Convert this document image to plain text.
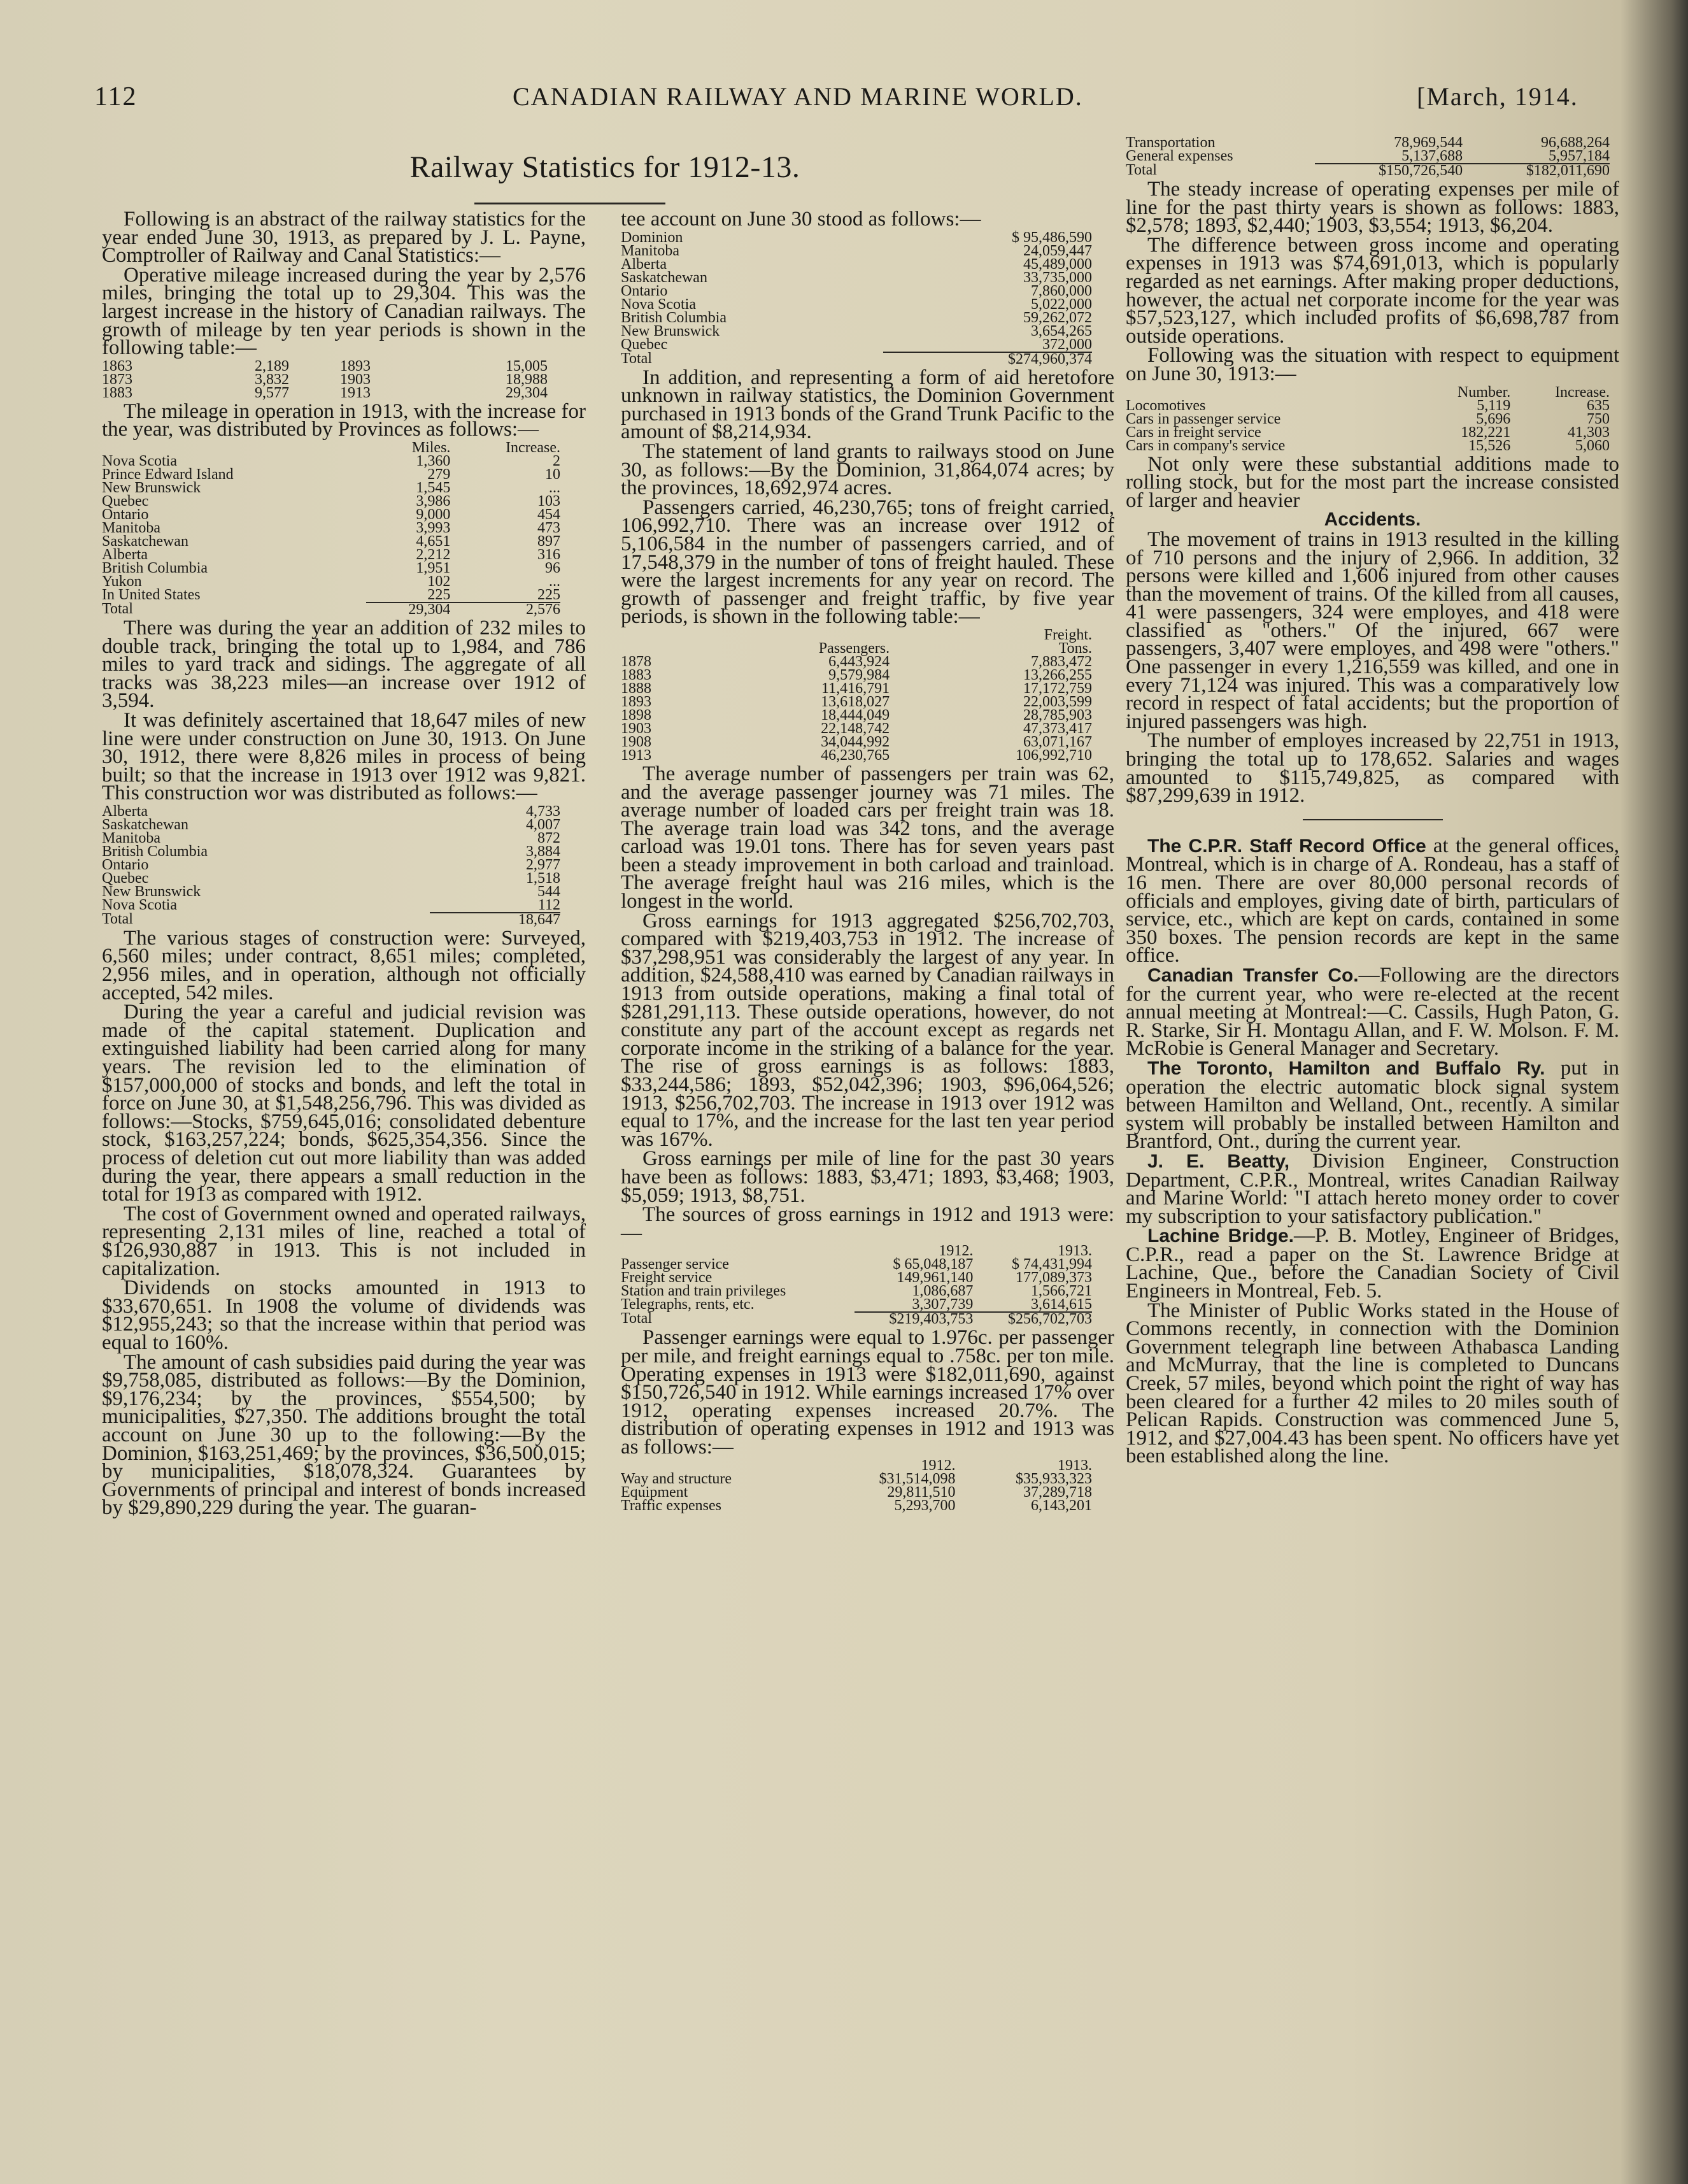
112	CANADIAN RAILWAY AND MARINE WORLD.	[March, 1914.
Railway Statistics for 1912-13.

Following is an abstract of the railway statistics for the year ended June 30, 1913, as prepared by J. L. Payne, Comptroller of Railway and Canal Statistics:—

Operative mileage increased during the year by 2,576 miles, bringing the total up to 29,304. This was the largest increase in the history of Canadian railways. The growth of mileage by ten year periods is shown in the following table:—

1863	2,189	1893	15,005
1873	3,832	1903	18,988
1883	9,577	1913	29,304

The mileage in operation in 1913, with the increase for the year, was distributed by Provinces as follows:—

	Miles.	Increase.
Nova Scotia	1,360	2
Prince Edward Island	279	10
New Brunswick	1,545	...
Quebec	3,986	103
Ontario	9,000	454
Manitoba	3,993	473
Saskatchewan	4,651	897
Alberta	2,212	316
British Columbia	1,951	96
Yukon	102	...
In United States	225	225
Total	29,304	2,576

There was during the year an addition of 232 miles to double track, bringing the total up to 1,984, and 786 miles to yard track and sidings. The aggregate of all tracks was 38,223 miles—an increase over 1912 of 3,594.

It was definitely ascertained that 18,647 miles of new line were under construction on June 30, 1913. On June 30, 1912, there were 8,826 miles in process of being built; so that the increase in 1913 over 1912 was 9,821. This construction wor was distributed as follows:—

Alberta	4,733
Saskatchewan	4,007
Manitoba	872
British Columbia	3,884
Ontario	2,977
Quebec	1,518
New Brunswick	544
Nova Scotia	112
Total	18,647

The various stages of construction were: Surveyed, 6,560 miles; under contract, 8,651 miles; completed, 2,956 miles, and in operation, although not officially accepted, 542 miles.

During the year a careful and judicial revision was made of the capital statement. Duplication and extinguished liability had been carried along for many years. The revision led to the elimination of $157,000,000 of stocks and bonds, and left the total in force on June 30, at $1,548,256,796. This was divided as follows:—Stocks, $759,645,016; consolidated debenture stock, $163,257,224; bonds, $625,354,356. Since the process of deletion cut out more liability than was added during the year, there appears a small reduction in the total for 1913 as compared with 1912.

The cost of Government owned and operated railways, representing 2,131 miles of line, reached a total of $126,930,887 in 1913. This is not included in capitalization.

Dividends on stocks amounted in 1913 to $33,670,651. In 1908 the volume of dividends was $12,955,243; so that the increase within that period was equal to 160%.

The amount of cash subsidies paid during the year was $9,758,085, distributed as follows:—By the Dominion, $9,176,234; by the provinces, $554,500; by municipalities, $27,350. The additions brought the total account on June 30 up to the following:—By the Dominion, $163,251,469; by the provinces, $36,500,015; by municipalities, $18,078,324. Guarantees by Governments of principal and interest of bonds increased by $29,890,229 during the year. The guaran-

tee account on June 30 stood as follows:—

Dominion	$ 95,486,590
Manitoba	24,059,447
Alberta	45,489,000
Saskatchewan	33,735,000
Ontario	7,860,000
Nova Scotia	5,022,000
British Columbia	59,262,072
New Brunswick	3,654,265
Quebec	372,000
Total	$274,960,374

In addition, and representing a form of aid heretofore unknown in railway statistics, the Dominion Government purchased in 1913 bonds of the Grand Trunk Pacific to the amount of $8,214,934.

The statement of land grants to railways stood on June 30, as follows:—By the Dominion, 31,864,074 acres; by the provinces, 18,692,974 acres.

Passengers carried, 46,230,765; tons of freight carried, 106,992,710. There was an increase over 1912 of 5,106,584 in the number of passengers carried, and of 17,548,379 in the number of tons of freight hauled. These were the largest increments for any year on record. The growth of passenger and freight traffic, by five year periods, is shown in the following table:—

		Freight.
	Passengers.	Tons.
1878	6,443,924	7,883,472
1883	9,579,984	13,266,255
1888	11,416,791	17,172,759
1893	13,618,027	22,003,599
1898	18,444,049	28,785,903
1903	22,148,742	47,373,417
1908	34,044,992	63,071,167
1913	46,230,765	106,992,710

The average number of passengers per train was 62, and the average passenger journey was 71 miles. The average number of loaded cars per freight train was 18. The average train load was 342 tons, and the average carload was 19.01 tons. There has for seven years past been a steady improvement in both carload and trainload. The average freight haul was 216 miles, which is the longest in the world.

Gross earnings for 1913 aggregated $256,702,703, compared with $219,403,753 in 1912. The increase of $37,298,951 was considerably the largest of any year. In addition, $24,588,410 was earned by Canadian railways in 1913 from outside operations, making a final total of $281,291,113. These outside operations, however, do not constitute any part of the account except as regards net corporate income in the striking of a balance for the year. The rise of gross earnings is as follows: 1883, $33,244,586; 1893, $52,042,396; 1903, $96,064,526; 1913, $256,702,703. The increase in 1913 over 1912 was equal to 17%, and the increase for the last ten year period was 167%.

Gross earnings per mile of line for the past 30 years have been as follows: 1883, $3,471; 1893, $3,468; 1903, $5,059; 1913, $8,751.

The sources of gross earnings in 1912 and 1913 were:—

	1912.	1913.
Passenger service	$ 65,048,187	$ 74,431,994
Freight service	149,961,140	177,089,373
Station and train privileges	1,086,687	1,566,721
Telegraphs, rents, etc.	3,307,739	3,614,615
Total	$219,403,753	$256,702,703

Passenger earnings were equal to 1.976c. per passenger per mile, and freight earnings equal to .758c. per ton mile. Operating expenses in 1913 were $182,011,690, against $150,726,540 in 1912. While earnings increased 17% over 1912, operating expenses increased 20.7%. The distribution of operating expenses in 1912 and 1913 was as follows:—

	1912.	1913.
Way and structure	$31,514,098	$35,933,323
Equipment	29,811,510	37,289,718
Traffic expenses	5,293,700	6,143,201
Transportation	78,969,544	96,688,264
General expenses	5,137,688	5,957,184
Total	$150,726,540	$182,011,690

The steady increase of operating expenses per mile of line for the past thirty years is shown as follows: 1883, $2,578; 1893, $2,440; 1903, $3,554; 1913, $6,204.

The difference between gross income and operating expenses in 1913 was $74,691,013, which is popularly regarded as net earnings. After making proper deductions, however, the actual net corporate income for the year was $57,523,127, which included profits of $6,698,787 from outside operations.

Following was the situation with respect to equipment on June 30, 1913:—

	Number.	Increase.
Locomotives	5,119	635
Cars in passenger service	5,696	750
Cars in freight service	182,221	41,303
Cars in company's service	15,526	5,060

Not only were these substantial additions made to rolling stock, but for the most part the increase consisted of larger and heavier

Accidents.

The movement of trains in 1913 resulted in the killing of 710 persons and the injury of 2,966. In addition, 32 persons were killed and 1,606 injured from other causes than the movement of trains. Of the killed from all causes, 41 were passengers, 324 were employes, and 418 were classified as "others." Of the injured, 667 were passengers, 3,407 were employes, and 498 were "others." One passenger in every 1,216,559 was killed, and one in every 71,124 was injured. This was a comparatively low record in respect of fatal accidents; but the proportion of injured passengers was high.

The number of employes increased by 22,751 in 1913, bringing the total up to 178,652. Salaries and wages amounted to $115,749,825, as compared with $87,299,639 in 1912.

The C.P.R. Staff Record Office at the general offices, Montreal, which is in charge of A. Rondeau, has a staff of 16 men. There are over 80,000 personal records of officials and employes, giving date of birth, particulars of service, etc., which are kept on cards, contained in some 350 boxes. The pension records are kept in the same office.

Canadian Transfer Co.—Following are the directors for the current year, who were re-elected at the recent annual meeting at Montreal:—C. Cassils, Hugh Paton, G. R. Starke, Sir H. Montagu Allan, and F. W. Molson. F. M. McRobie is General Manager and Secretary.

The Toronto, Hamilton and Buffalo Ry. put in operation the electric automatic block signal system between Hamilton and Welland, Ont., recently. A similar system will probably be installed between Hamilton and Brantford, Ont., during the current year.

J. E. Beatty, Division Engineer, Construction Department, C.P.R., Montreal, writes Canadian Railway and Marine World: "I attach hereto money order to cover my subscription to your satisfactory publication."

Lachine Bridge.—P. B. Motley, Engineer of Bridges, C.P.R., read a paper on the St. Lawrence Bridge at Lachine, Que., before the Canadian Society of Civil Engineers in Montreal, Feb. 5.

The Minister of Public Works stated in the House of Commons recently, in connection with the Dominion Government telegraph line between Athabasca Landing and McMurray, that the line is completed to Duncans Creek, 57 miles, beyond which point the right of way has been cleared for a further 42 miles to 20 miles south of Pelican Rapids. Construction was commenced June 5, 1912, and $27,004.43 has been spent. No officers have yet been established along the line.
